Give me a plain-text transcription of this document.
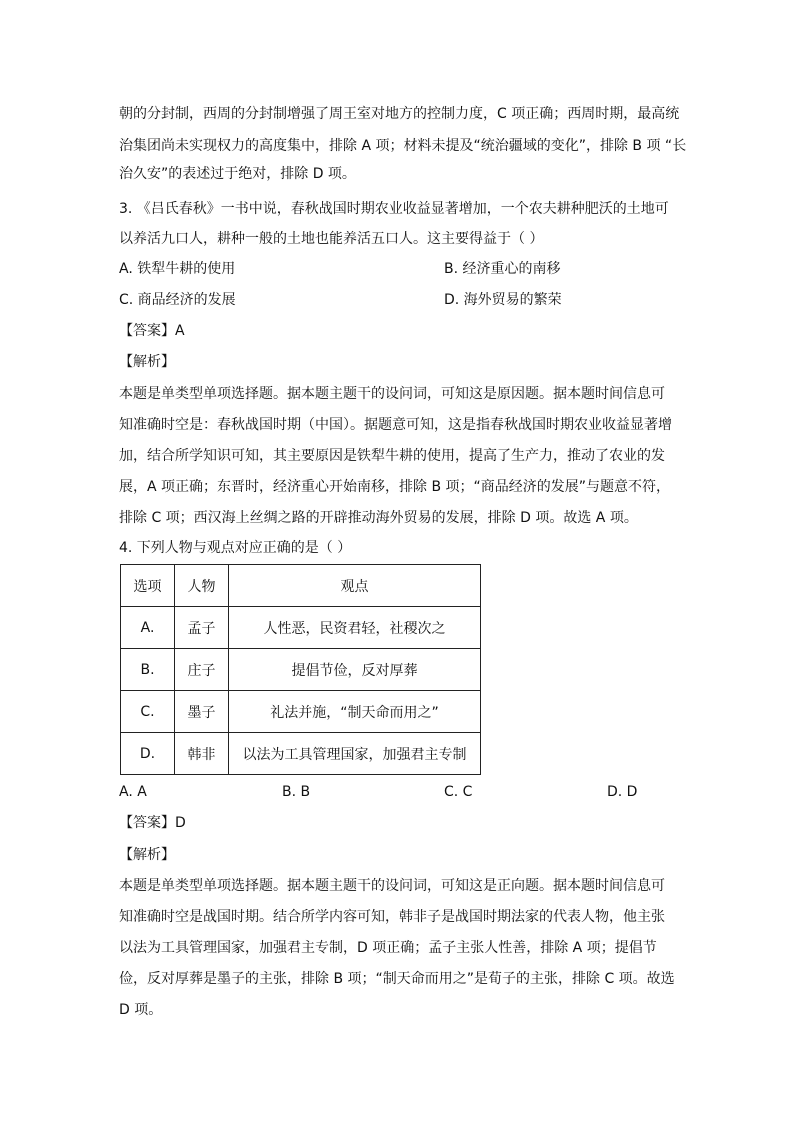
朝的分封制，西周的分封制增强了周王室对地方的控制力度，C 项正确；西周时期，最高统
治集团尚未实现权力的高度集中，排除 A 项；材料未提及“统治疆域的变化”，排除 B 项 “长
治久安”的表述过于绝对，排除 D 项。
3. 《吕氏春秋》一书中说，春秋战国时期农业收益显著增加，一个农夫耕种肥沃的土地可
以养活九口人，耕种一般的土地也能养活五口人。这主要得益于（ ）
A. 铁犁牛耕的使用	B. 经济重心的南移
C. 商品经济的发展	D. 海外贸易的繁荣
【答案】A
【解析】
本题是单类型单项选择题。据本题主题干的设问词，可知这是原因题。据本题时间信息可
知准确时空是：春秋战国时期（中国）。据题意可知，这是指春秋战国时期农业收益显著增
加，结合所学知识可知，其主要原因是铁犁牛耕的使用，提高了生产力，推动了农业的发
展，A 项正确；东晋时，经济重心开始南移，排除 B 项；“商品经济的发展”与题意不符，
排除 C 项；西汉海上丝绸之路的开辟推动海外贸易的发展，排除 D 项。故选 A 项。
4. 下列人物与观点对应正确的是（ ）
选项	人物	观点
A.	孟子	人性恶，民资君轻，社稷次之
B.	庄子	提倡节俭，反对厚葬
C.	墨子	礼法并施，“制天命而用之”
D.	韩非	以法为工具管理国家，加强君主专制
A. A	B. B	C. C	D. D
【答案】D
【解析】
本题是单类型单项选择题。据本题主题干的设问词，可知这是正向题。据本题时间信息可
知准确时空是战国时期。结合所学内容可知，韩非子是战国时期法家的代表人物，他主张
以法为工具管理国家，加强君主专制，D 项正确；孟子主张人性善，排除 A 项；提倡节
俭，反对厚葬是墨子的主张，排除 B 项；“制天命而用之”是荀子的主张，排除 C 项。故选
D 项。
